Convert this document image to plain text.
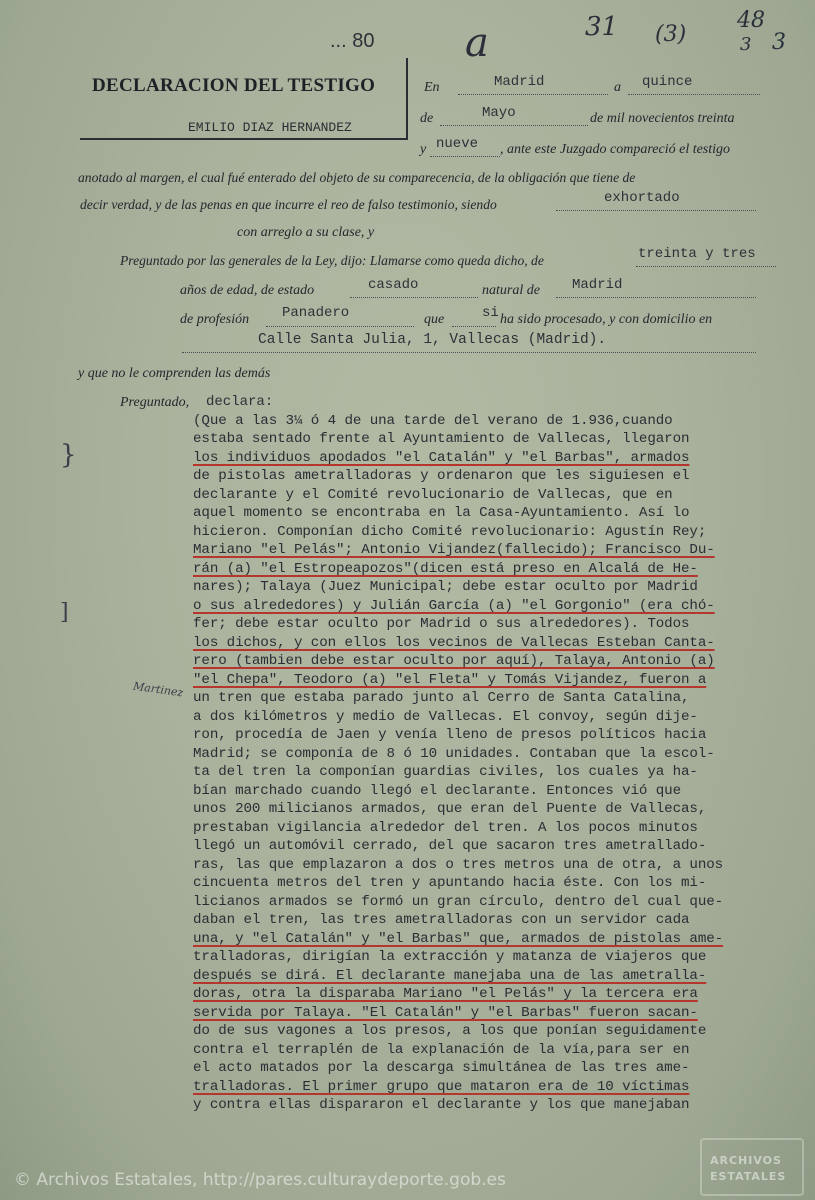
... 80 a	31 (3)
48
3 3
DECLARACION DEL TESTIGO
EMILIO DIAZ HERNANDEZ
En	Madrid	a quince
de	Mayo	de mil novecientos treinta
y nueve , ante este Juzgado compareció el testigo
anotado al margen, el cual fué enterado del objeto de su comparecencia, de la obligación que tiene de
decir verdad, y de las penas en que incurre el reo de falso testimonio, siendo	exhortado
con arreglo a su clase, y
Preguntado por las generales de la Ley, dijo: Llamarse como queda dicho, de	treinta y tres
años de edad, de estado	casado	natural de Madrid
de profesión Panadero	que	si ha sido procesado, y con domicilio en
Calle Santa Julia, 1, Vallecas (Madrid).
y que no le comprenden las demás
Preguntado, declara:
}
]
Martinez
(Que a las 3¼ ó 4 de una tarde del verano de 1.936,cuando
estaba sentado frente al Ayuntamiento de Vallecas, llegaron
los individuos apodados "el Catalán" y "el Barbas", armados
de pistolas ametralladoras y ordenaron que les siguiesen el
declarante y el Comité revolucionario de Vallecas, que en
aquel momento se encontraba en la Casa-Ayuntamiento. Así lo
hicieron. Componían dicho Comité revolucionario: Agustín Rey;
Mariano "el Pelás"; Antonio Vijandez(fallecido); Francisco Du-
rán (a) "el Estropeapozos"(dicen está preso en Alcalá de He-
nares); Talaya (Juez Municipal; debe estar oculto por Madrid
o sus alrededores) y Julián García (a) "el Gorgonio" (era chó-
fer; debe estar oculto por Madrid o sus alrededores). Todos
los dichos, y con ellos los vecinos de Vallecas Esteban Canta-
rero (tambien debe estar oculto por aquí), Talaya, Antonio (a)
"el Chepa", Teodoro (a) "el Fleta" y Tomás Vijandez, fueron a
un tren que estaba parado junto al Cerro de Santa Catalina,
a dos kilómetros y medio de Vallecas. El convoy, según dije-
ron, procedía de Jaen y venía lleno de presos políticos hacia
Madrid; se componía de 8 ó 10 unidades. Contaban que la escol-
ta del tren la componían guardias civiles, los cuales ya ha-
bían marchado cuando llegó el declarante. Entonces vió que
unos 200 milicianos armados, que eran del Puente de Vallecas,
prestaban vigilancia alrededor del tren. A los pocos minutos
llegó un automóvil cerrado, del que sacaron tres ametrallado-
ras, las que emplazaron a dos o tres metros una de otra, a unos
cincuenta metros del tren y apuntando hacia éste. Con los mi-
licianos armados se formó un gran círculo, dentro del cual que-
daban el tren, las tres ametralladoras con un servidor cada
una, y "el Catalán" y "el Barbas" que, armados de pistolas ame-
tralladoras, dirigían la extracción y matanza de viajeros que
después se dirá. El declarante manejaba una de las ametralla-
doras, otra la disparaba Mariano "el Pelás" y la tercera era
servida por Talaya. "El Catalán" y "el Barbas" fueron sacan-
do de sus vagones a los presos, a los que ponían seguidamente
contra el terraplén de la explanación de la vía,para ser en
el acto matados por la descarga simultánea de las tres ame-
tralladoras. El primer grupo que mataron era de 10 víctimas
y contra ellas dispararon el declarante y los que manejaban
© Archivos Estatales, http://pares.culturaydeporte.gob.es
ARCHIVOS
ESTATALES
